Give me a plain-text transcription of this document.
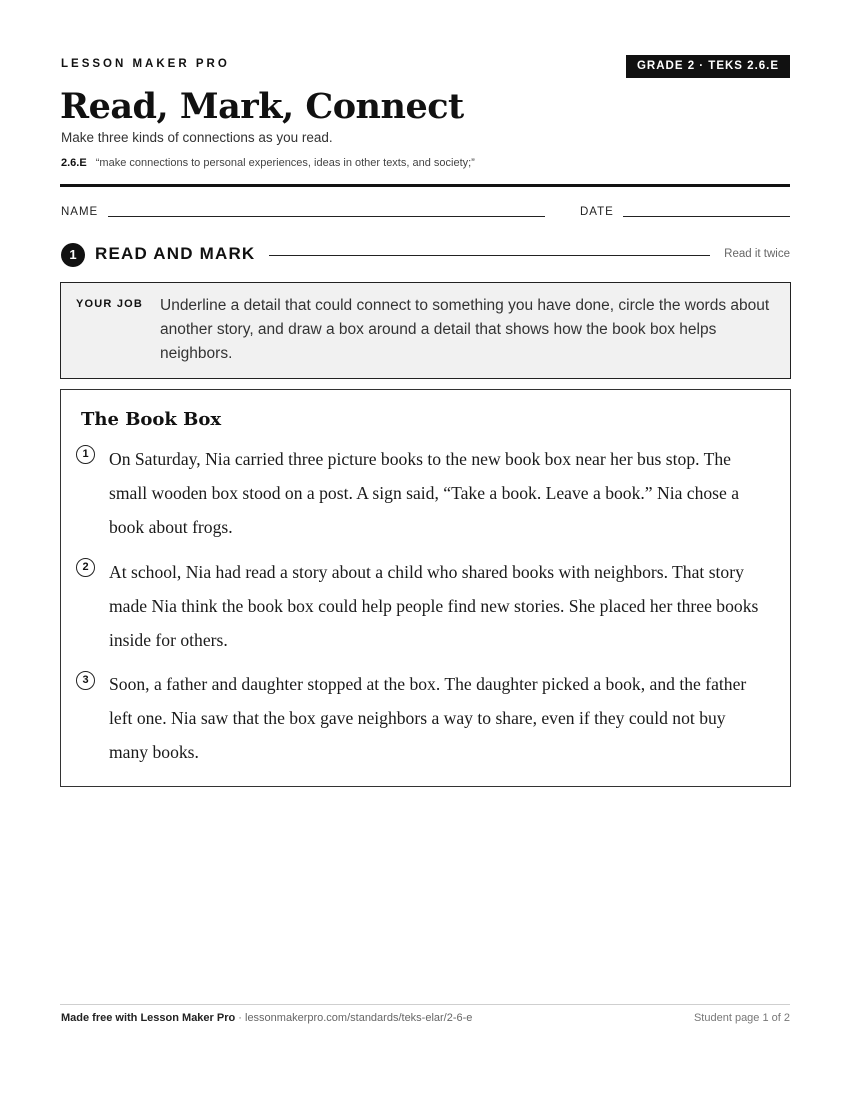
LESSON MAKER PRO	GRADE 2 · TEKS 2.6.E
Read, Mark, Connect
Make three kinds of connections as you read.
2.6.E “make connections to personal experiences, ideas in other texts, and society;”
NAME	DATE
1	READ AND MARK	Read it twice
YOUR JOB Underline a detail that could connect to something you have done, circle the words about another story, and draw a box around a detail that shows how the book box helps neighbors.
The Book Box
1	On Saturday, Nia carried three picture books to the new book box near her bus stop. The small wooden box stood on a post. A sign said, “Take a book. Leave a book.” Nia chose a book about frogs.

2	At school, Nia had read a story about a child who shared books with neighbors. That story made Nia think the book box could help people find new stories. She placed her three books inside for others.

3	Soon, a father and daughter stopped at the box. The daughter picked a book, and the father left one. Nia saw that the box gave neighbors a way to share, even if they could not buy many books.

Made free with Lesson Maker Pro · lessonmakerpro.com/standards/teks-elar/2-6-e	Student page 1 of 2
